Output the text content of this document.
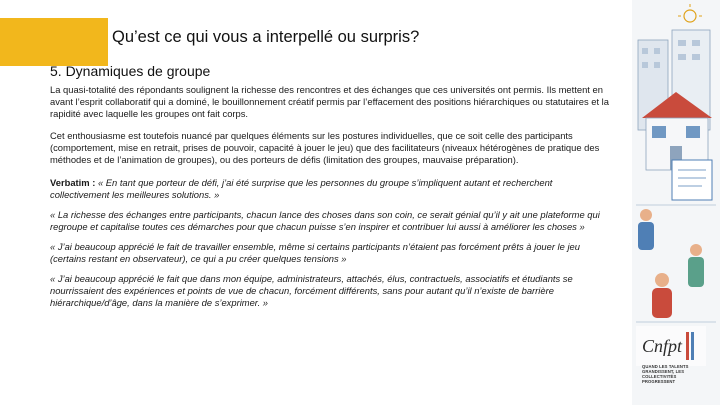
Qu’est ce qui vous a interpellé ou surpris?
5. Dynamiques de groupe

La quasi-totalité des répondants soulignent la richesse des rencontres et des échanges que ces universités ont permis. Ils mettent en avant l’esprit collaboratif qui a dominé, le bouillonnement créatif permis par l’effacement des positions hiérarchiques ou statutaires et la rapidité avec laquelle les groupes ont fait corps.

Cet enthousiasme est toutefois nuancé par quelques éléments sur les postures individuelles, que ce soit celle des participants (comportement, mise en retrait, prises de pouvoir, capacité à jouer le jeu) que des facilitateurs (niveaux hétérogènes de pratique des méthodes et de l’animation de groupes), ou des porteurs de défis (limitation des groupes, mauvaise préparation).

Verbatim : « En tant que porteur de défi, j’ai été surprise que les personnes du groupe s’impliquent autant et recherchent collectivement les meilleures solutions. »

« La richesse des échanges entre participants, chacun lance des choses dans son coin, ce serait génial qu’il y ait une plateforme qui regroupe et capitalise toutes ces démarches pour que chacun puisse s’en inspirer et contribuer lui aussi à améliorer les choses »

« J’ai beaucoup apprécié le fait de travailler ensemble, même si certains participants n’étaient pas forcément prêts à jouer le jeu (certains restant en observateur), ce qui a pu créer quelques tensions »

« J’ai beaucoup apprécié le fait que dans mon équipe, administrateurs, attachés, élus, contractuels, associatifs et étudiants se nourrissaient des expériences et points de vue de chacun, forcément différents, sans pour autant qu’il n’existe de barrière hiérarchique/d’âge, dans la manière de s’exprimer. »

Cnfpt
QUAND LES TALENTS GRANDISSENT, LES COLLECTIVITÉS PROGRESSENT
